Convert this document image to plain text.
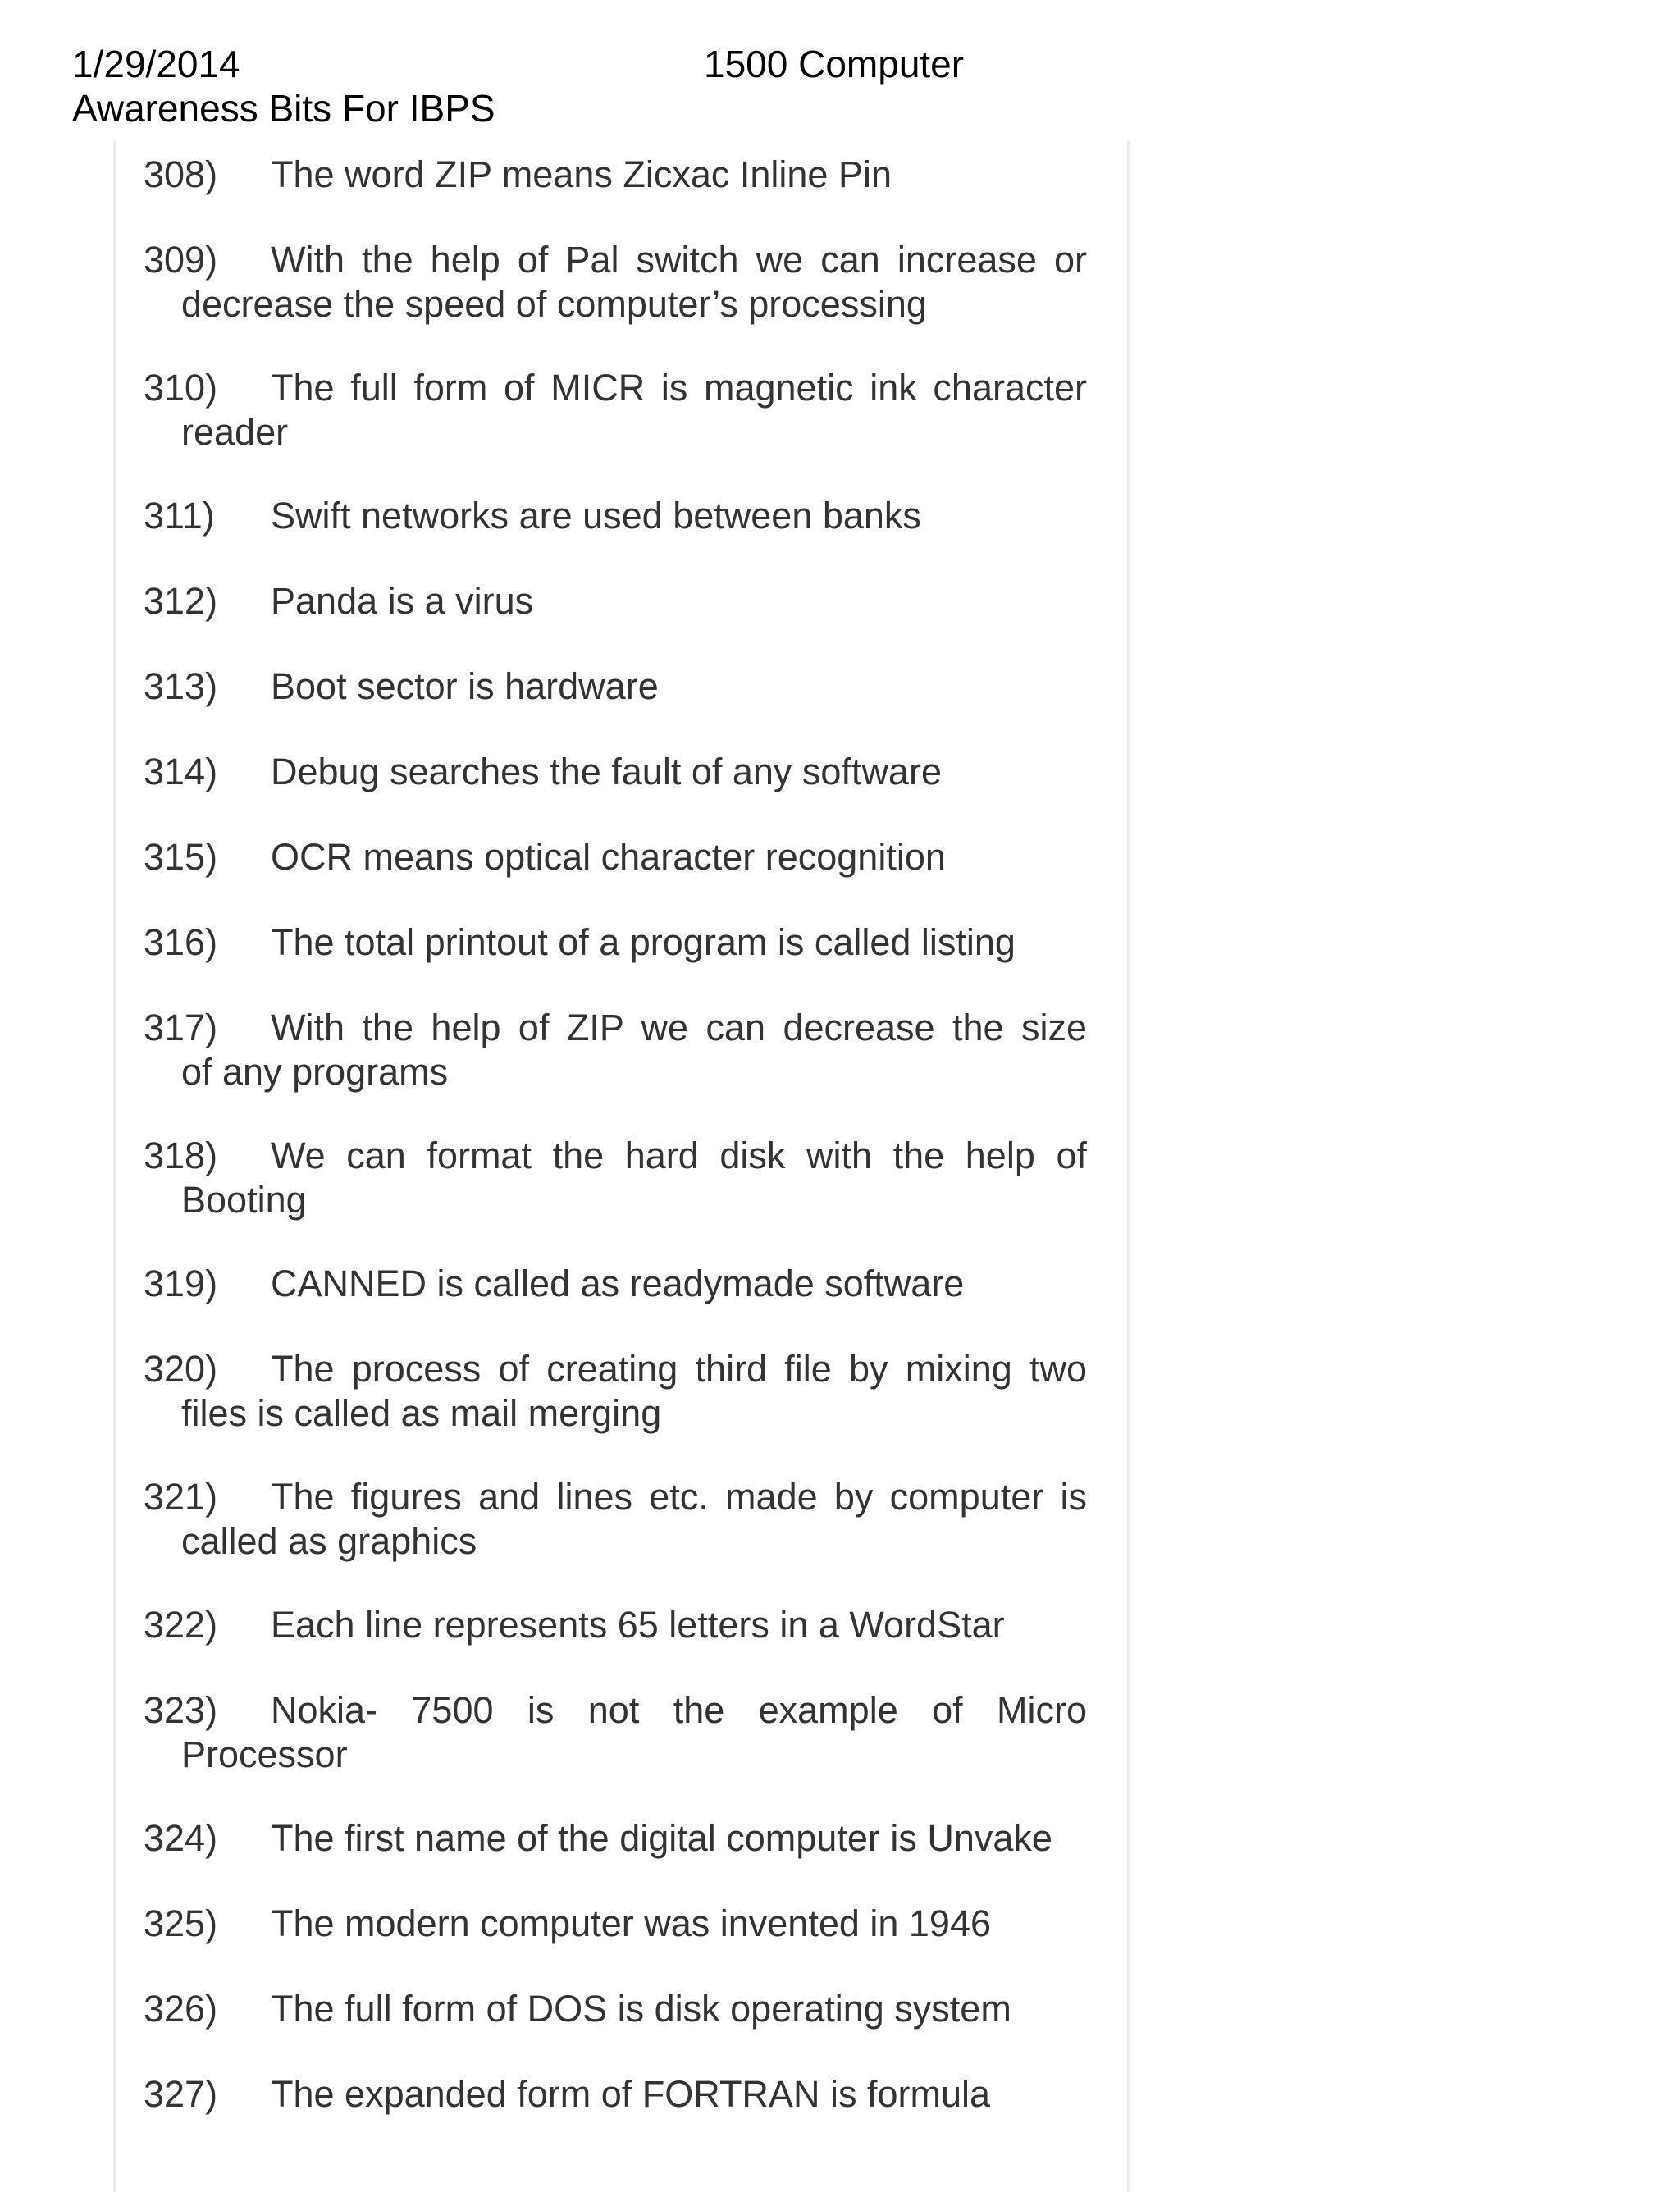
1/29/2014	1500 Computer
Awareness Bits For IBPS
308) The word ZIP means Zicxac Inline Pin
309) With the help of Pal switch we can increase or
decrease the speed of computer’s processing
310) The full form of MICR is magnetic ink character
reader
311) Swift networks are used between banks
312) Panda is a virus
313) Boot sector is hardware
314) Debug searches the fault of any software
315) OCR means optical character recognition
316) The total printout of a program is called listing
317) With the help of ZIP we can decrease the size
of any programs
318) We can format the hard disk with the help of
Booting
319) CANNED is called as readymade software
320) The process of creating third file by mixing two
files is called as mail merging
321) The figures and lines etc. made by computer is
called as graphics
322) Each line represents 65 letters in a WordStar
323) Nokia- 7500 is not the example of Micro
Processor
324) The first name of the digital computer is Unvake
325) The modern computer was invented in 1946
326) The full form of DOS is disk operating system
327) The expanded form of FORTRAN is formula
